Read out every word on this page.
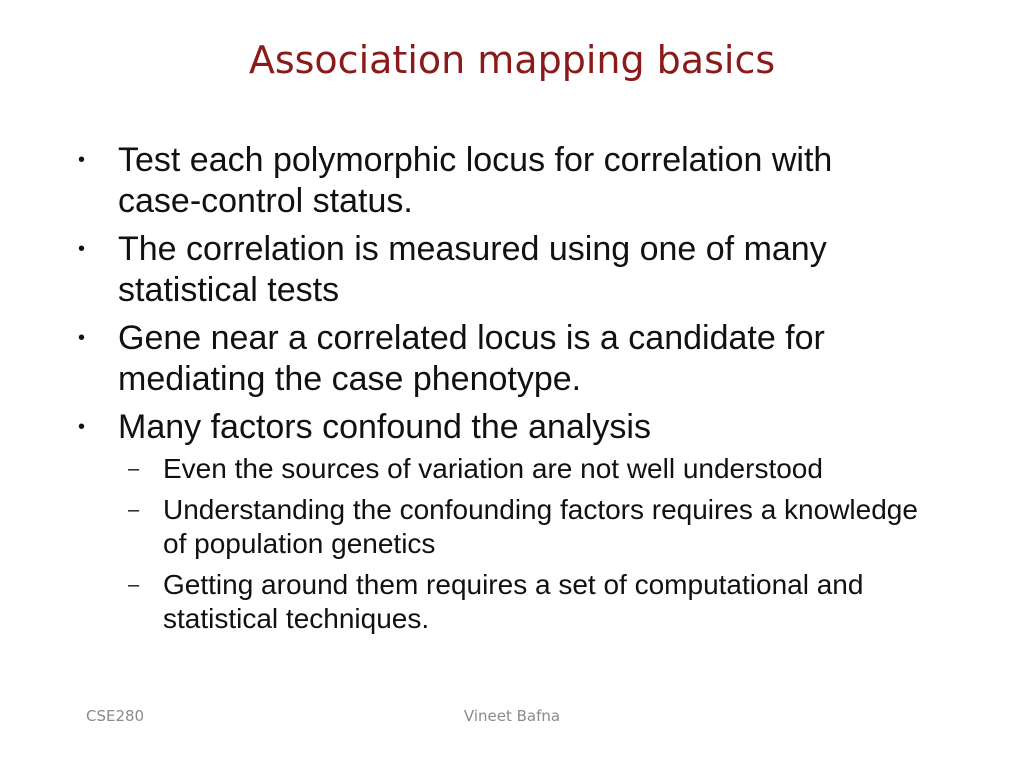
Association mapping basics
• Test each polymorphic locus for correlation with case-control status.
• The correlation is measured using one of many statistical tests
• Gene near a correlated locus is a candidate for mediating the case phenotype.
• Many factors confound the analysis
– Even the sources of variation are not well understood
– Understanding the confounding factors requires a knowledge of population genetics
– Getting around them requires a set of computational and statistical techniques.
CSE280	Vineet Bafna
